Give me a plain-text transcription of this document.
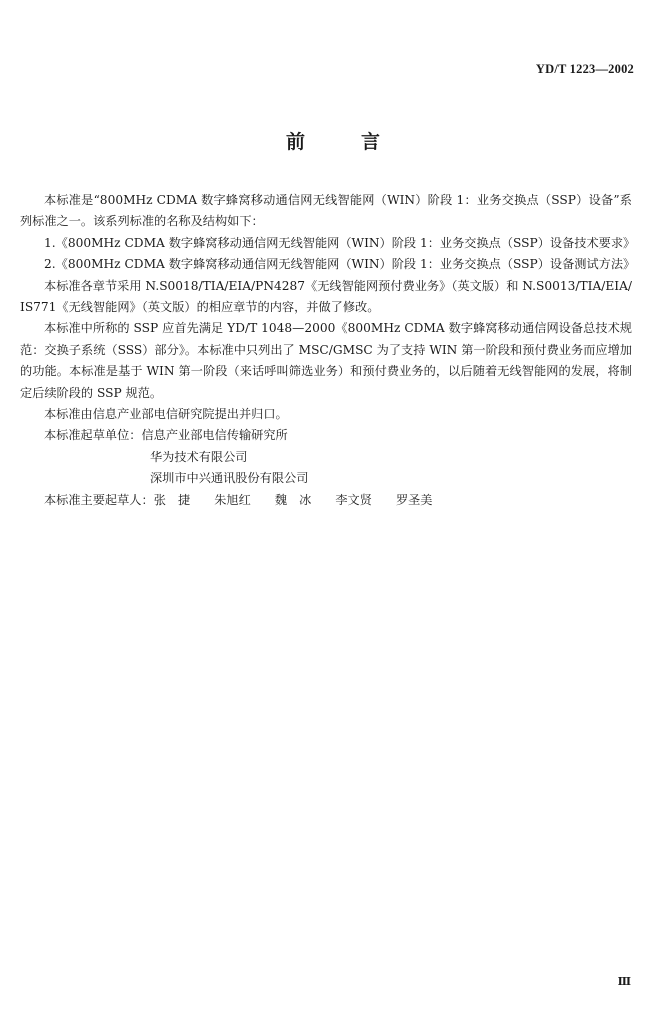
YD/T 1223—2002
前	言

本标准是“800MHz CDMA 数字蜂窝移动通信网无线智能网（WIN）阶段 1：业务交换点（SSP）设备”系列标准之一。该系列标准的名称及结构如下：

1.《800MHz CDMA 数字蜂窝移动通信网无线智能网（WIN）阶段 1：业务交换点（SSP）设备技术要求》

2.《800MHz CDMA 数字蜂窝移动通信网无线智能网（WIN）阶段 1：业务交换点（SSP）设备测试方法》

本标准各章节采用 N.S0018/TIA/EIA/PN4287《无线智能网预付费业务》（英文版）和 N.S0013/TIA/EIA/IS771《无线智能网》（英文版）的相应章节的内容，并做了修改。

本标准中所称的 SSP 应首先满足 YD/T 1048—2000《800MHz CDMA 数字蜂窝移动通信网设备总技术规范：交换子系统（SSS）部分》。本标准中只列出了 MSC/GMSC 为了支持 WIN 第一阶段和预付费业务而应增加的功能。本标准是基于 WIN 第一阶段（来话呼叫筛选业务）和预付费业务的，以后随着无线智能网的发展，将制定后续阶段的 SSP 规范。

本标准由信息产业部电信研究院提出并归口。

本标准起草单位：信息产业部电信传输研究所

华为技术有限公司

深圳市中兴通讯股份有限公司

本标准主要起草人：张　捷 朱旭红 魏　冰 李文贤 罗圣美

Ⅲ
